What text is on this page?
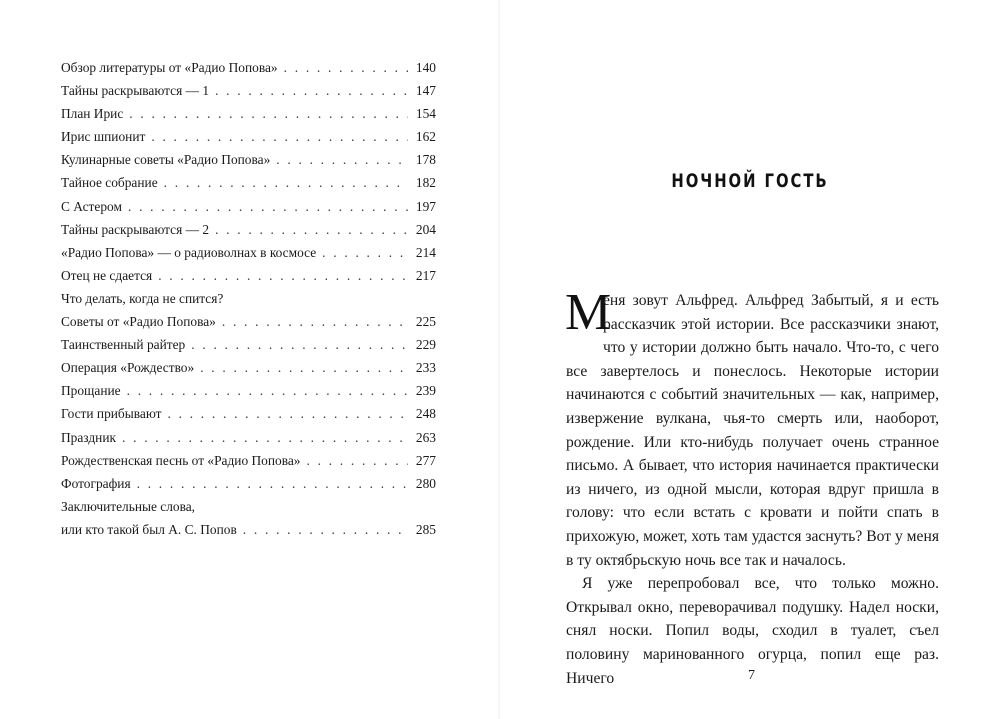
Обзор литературы от «Радио Попова» . . .	140
Тайны раскрываются — 1 . . .	147
План Ирис . . .	154
Ирис шпионит . . .	162
Кулинарные советы «Радио Попова» . . .	178
Тайное собрание . . .	182
С Астером . . .	197
Тайны раскрываются — 2 . . .	204
«Радио Попова» — о радиоволнах в космосе . . .	214
Отец не сдается . . .	217
Что делать, когда не спится?
Советы от «Радио Попова» . . .	225
Таинственный райтер . . .	229
Операция «Рождество» . . .	233
Прощание . . .	239
Гости прибывают . . .	248
Праздник . . .	263
Рождественская песнь от «Радио Попова» . . .	277
Фотография . . .	280
Заключительные слова,
или кто такой был А. С. Попов . . .	285
НОЧНОЙ ГОСТЬ

М
еня зовут Альфред. Альфред Забытый, я и есть рассказчик этой истории. Все рассказчики знают, что у истории должно быть начало. Что-то, с чего все завертелось и понеслось. Некоторые истории начинаются с событий значительных — как, например, извержение вулкана, чья-то смерть или, наоборот, рождение. Или кто-нибудь получает очень странное письмо. А бывает, что история начинается практически из ничего, из одной мысли, которая вдруг пришла в голову: что если встать с кровати и пойти спать в прихожую, может, хоть там удастся заснуть? Вот у меня в ту октябрьскую ночь все так и началось.

Я уже перепробовал все, что только можно. Открывал окно, переворачивал подушку. Надел носки, снял носки. Попил воды, сходил в туалет, съел половину маринованного огурца, попил еще раз. Ничего	7
